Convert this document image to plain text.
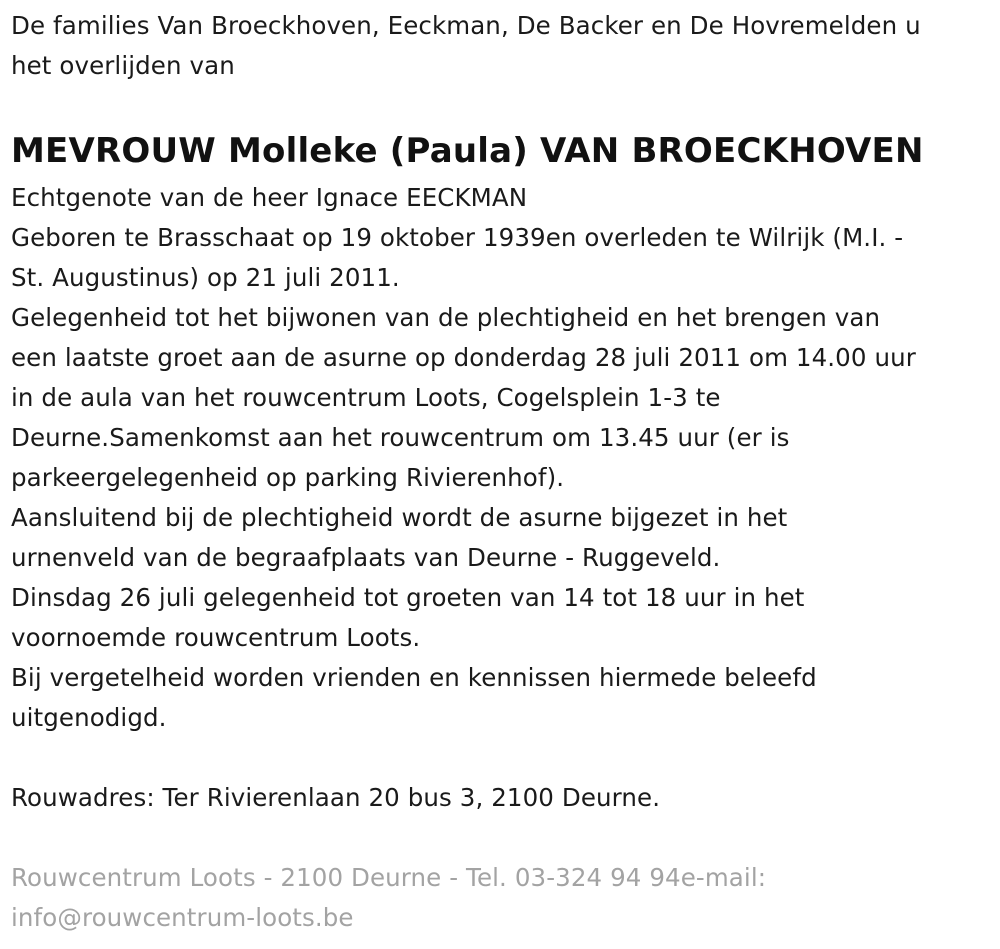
De families Van Broeckhoven, Eeckman, De Backer en De Hovremelden u
het overlijden van
MEVROUW Molleke (Paula) VAN BROECKHOVEN
Echtgenote van de heer Ignace EECKMAN
Geboren te Brasschaat op 19 oktober 1939en overleden te Wilrijk (M.I. -
St. Augustinus) op 21 juli 2011.
Gelegenheid tot het bijwonen van de plechtigheid en het brengen van
een laatste groet aan de asurne op donderdag 28 juli 2011 om 14.00 uur
in de aula van het rouwcentrum Loots, Cogelsplein 1-3 te
Deurne.Samenkomst aan het rouwcentrum om 13.45 uur (er is
parkeergelegenheid op parking Rivierenhof).
Aansluitend bij de plechtigheid wordt de asurne bijgezet in het
urnenveld van de begraafplaats van Deurne - Ruggeveld.
Dinsdag 26 juli gelegenheid tot groeten van 14 tot 18 uur in het
voornoemde rouwcentrum Loots.
Bij vergetelheid worden vrienden en kennissen hiermede beleefd
uitgenodigd.
Rouwadres: Ter Rivierenlaan 20 bus 3, 2100 Deurne.
Rouwcentrum Loots - 2100 Deurne - Tel. 03-324 94 94e-mail:
info@rouwcentrum-loots.be
